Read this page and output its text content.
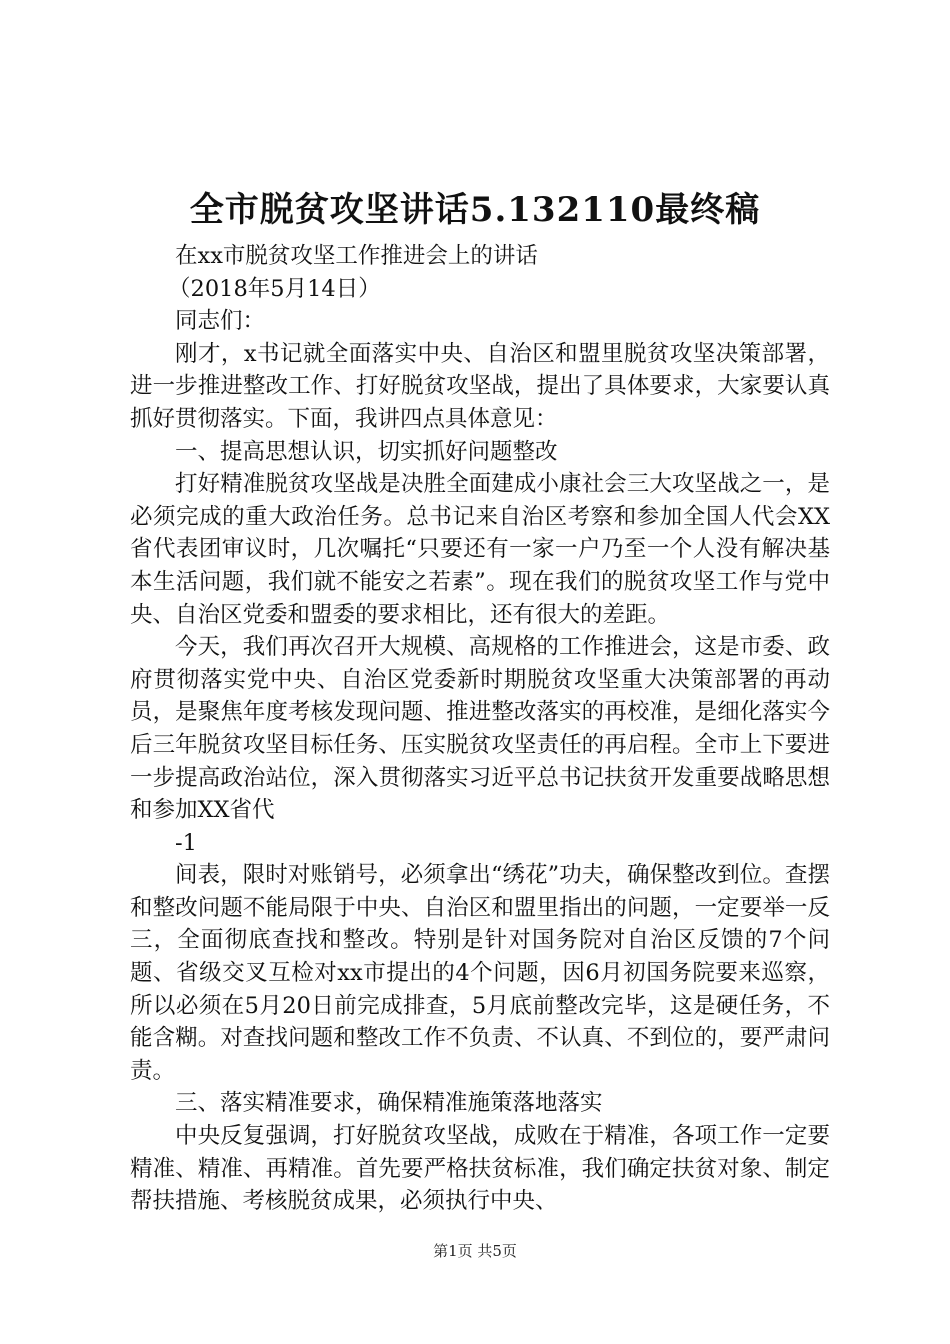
全市脱贫攻坚讲话5.132110最终稿

在xx市脱贫攻坚工作推进会上的讲话

（2018年5月14日）

同志们：

刚才，x书记就全面落实中央、自治区和盟里脱贫攻坚决策部署，进一步推进整改工作、打好脱贫攻坚战，提出了具体要求，大家要认真抓好贯彻落实。下面，我讲四点具体意见：

一、提高思想认识，切实抓好问题整改

打好精准脱贫攻坚战是决胜全面建成小康社会三大攻坚战之一，是必须完成的重大政治任务。总书记来自治区考察和参加全国人代会XX省代表团审议时，几次嘱托“只要还有一家一户乃至一个人没有解决基本生活问题，我们就不能安之若素”。现在我们的脱贫攻坚工作与党中央、自治区党委和盟委的要求相比，还有很大的差距。

今天，我们再次召开大规模、高规格的工作推进会，这是市委、政府贯彻落实党中央、自治区党委新时期脱贫攻坚重大决策部署的再动员，是聚焦年度考核发现问题、推进整改落实的再校准，是细化落实今后三年脱贫攻坚目标任务、压实脱贫攻坚责任的再启程。全市上下要进一步提高政治站位，深入贯彻落实习近平总书记扶贫开发重要战略思想和参加XX省代

-1

间表，限时对账销号，必须拿出“绣花”功夫，确保整改到位。查摆和整改问题不能局限于中央、自治区和盟里指出的问题，一定要举一反三，全面彻底查找和整改。特别是针对国务院对自治区反馈的7个问题、省级交叉互检对xx市提出的4个问题，因6月初国务院要来巡察，所以必须在5月20日前完成排查，5月底前整改完毕，这是硬任务，不能含糊。对查找问题和整改工作不负责、不认真、不到位的，要严肃问责。

三、落实精准要求，确保精准施策落地落实

中央反复强调，打好脱贫攻坚战，成败在于精准，各项工作一定要精准、精准、再精准。首先要严格扶贫标准，我们确定扶贫对象、制定帮扶措施、考核脱贫成果，必须执行中央、

第1页 共5页
